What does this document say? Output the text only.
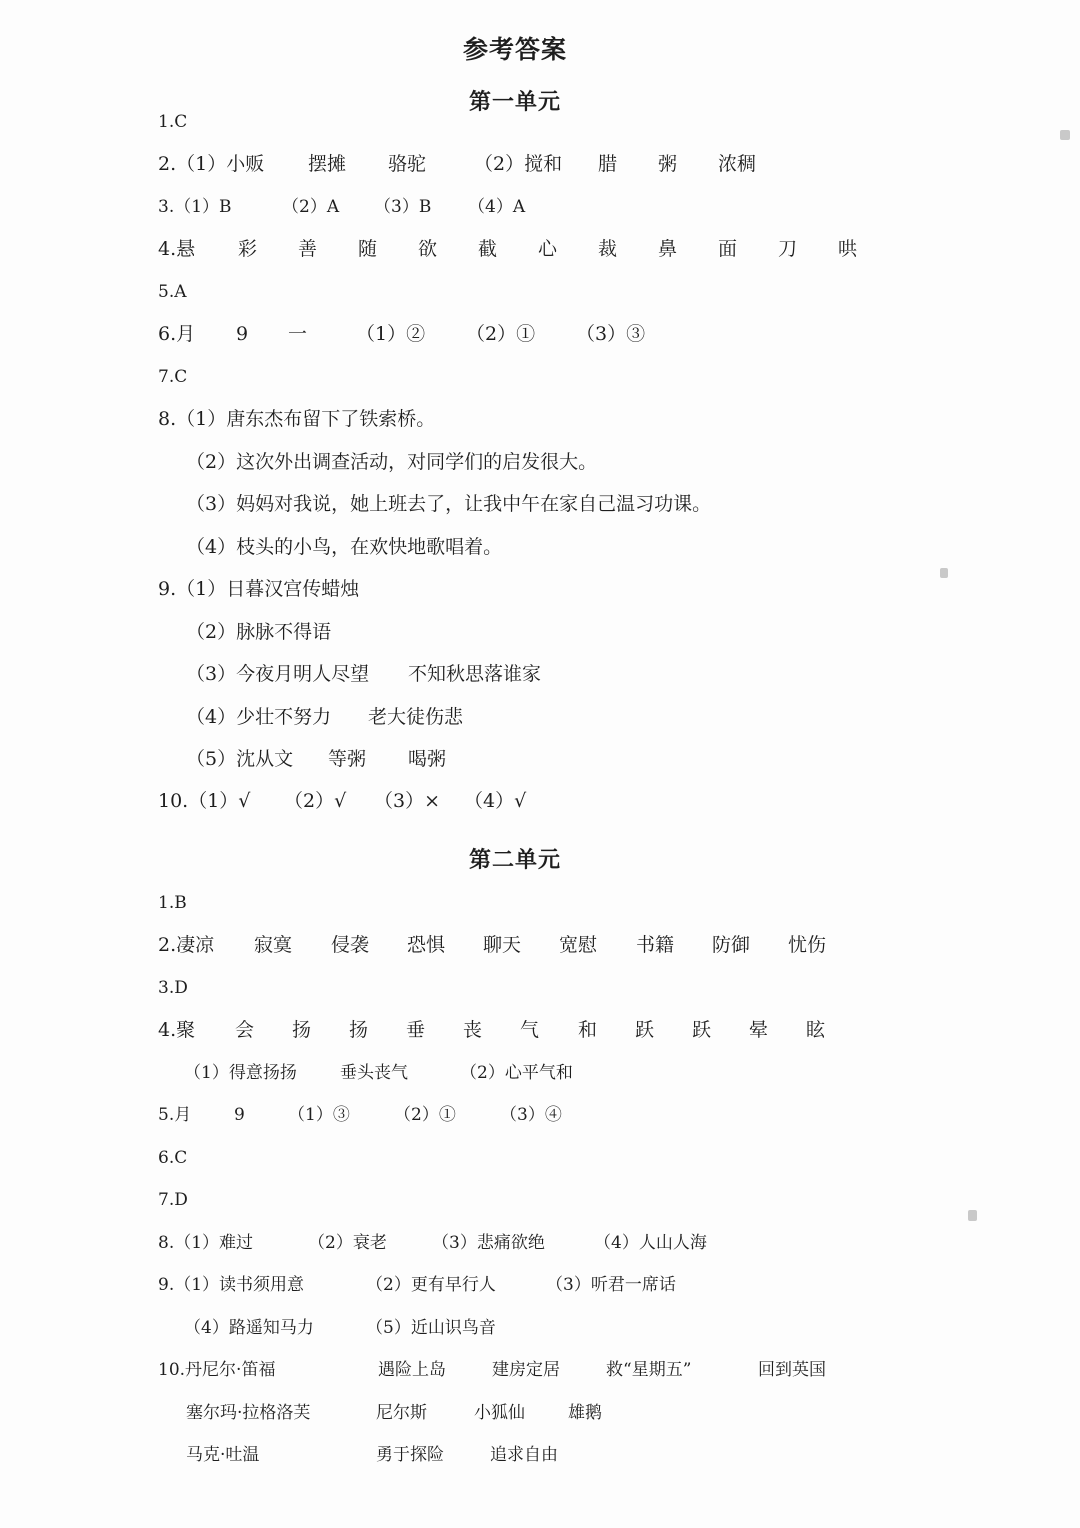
参考答案
第一单元
1.C
2.（1）小贩 摆摊 骆驼	（2）搅和 腊 粥 浓稠
3.（1）B	（2）A （3）B （4）A
4.悬 彩 善 随 欲 截 心 裁 鼻 面 刀 哄
5.A
6.月 9 一	（1）② （2）① （3）③
7.C
8.（1）唐东杰布留下了铁索桥。
（2）这次外出调查活动，对同学们的启发很大。
（3）妈妈对我说，她上班去了，让我中午在家自己温习功课。
（4）枝头的小鸟，在欢快地歌唱着。
9.（1）日暮汉宫传蜡烛
（2）脉脉不得语
（3）今夜月明人尽望 不知秋思落谁家
（4）少壮不努力 老大徒伤悲
（5）沈从文 等粥 喝粥
10.（1）√ （2）√ （3）× （4）√
第二单元
1.B
2.凄凉 寂寞 侵袭 恐惧 聊天 宽慰 书籍 防御 忧伤
3.D
4.聚 会 扬 扬 垂 丧 气 和 跃 跃 晕 眩
（1）得意扬扬	垂头丧气	（2）心平气和
5.月	9	（1）③	（2）①	（3）④
6.C
7.D
8.（1）难过	（2）衰老	（3）悲痛欲绝	（4）人山人海
9.（1）读书须用意	（2）更有早行人	（3）听君一席话
（4）路遥知马力	（5）近山识鸟音
10.丹尼尔·笛福	遇险上岛	建房定居	救“星期五”	回到英国
塞尔玛·拉格洛芙	尼尔斯	小狐仙	雄鹅
马克·吐温	勇于探险	追求自由
